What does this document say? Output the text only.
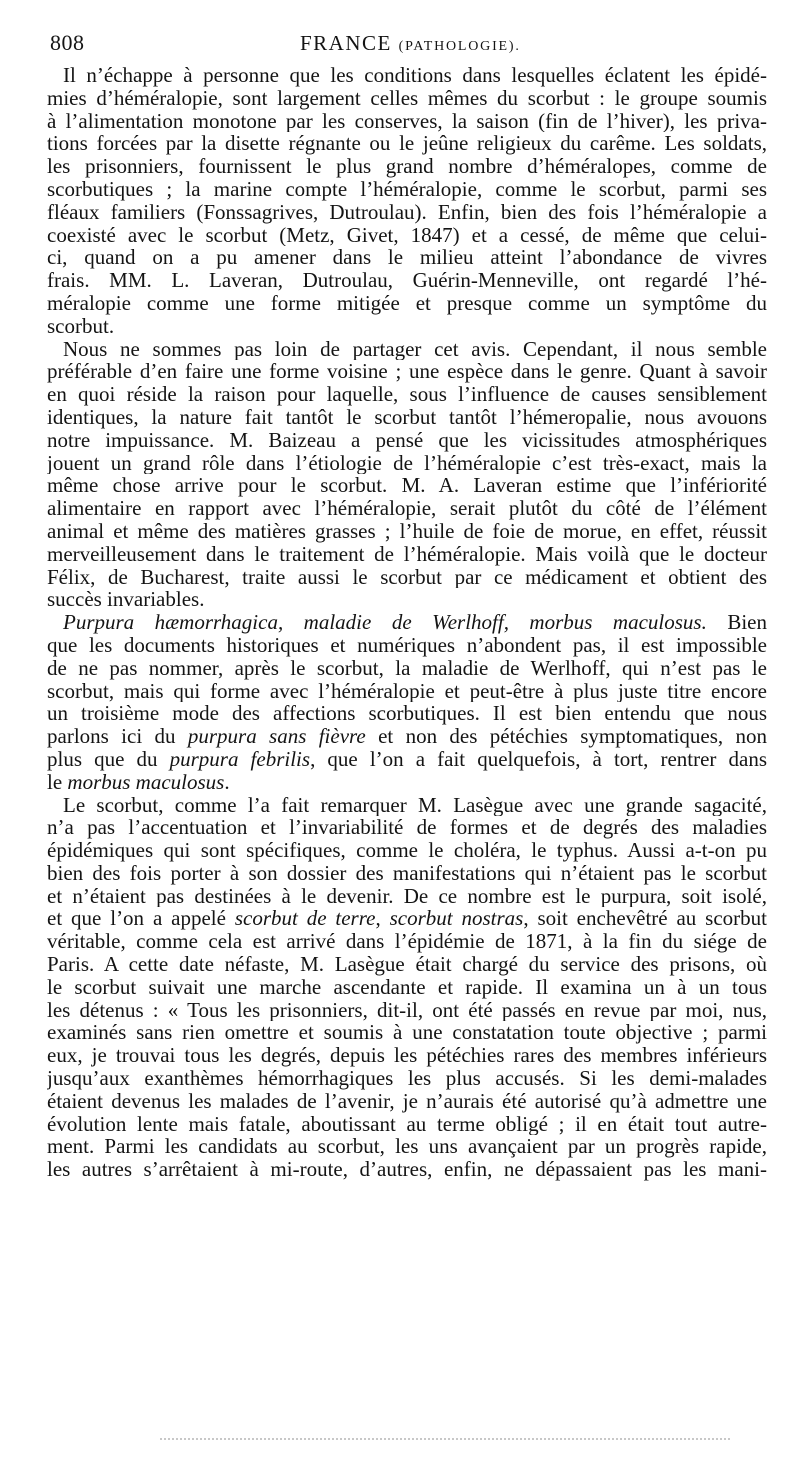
808	FRANCE (PATHOLOGIE).
Il n’échappe à personne que les conditions dans lesquelles éclatent les épidé-
mies d’héméralopie, sont largement celles mêmes du scorbut : le groupe soumis
à l’alimentation monotone par les conserves, la saison (fin de l’hiver), les priva-
tions forcées par la disette régnante ou le jeûne religieux du carême. Les soldats,
les prisonniers, fournissent le plus grand nombre d’héméralopes, comme de
scorbutiques ; la marine compte l’héméralopie, comme le scorbut, parmi ses
fléaux familiers (Fonssagrives, Dutroulau). Enfin, bien des fois l’héméralopie a
coexisté avec le scorbut (Metz, Givet, 1847) et a cessé, de même que celui-
ci, quand on a pu amener dans le milieu atteint l’abondance de vivres
frais. MM. L. Laveran, Dutroulau, Guérin-Menneville, ont regardé l’hé-
méralopie comme une forme mitigée et presque comme un symptôme du
scorbut.
Nous ne sommes pas loin de partager cet avis. Cependant, il nous semble
préférable d’en faire une forme voisine ; une espèce dans le genre. Quant à savoir
en quoi réside la raison pour laquelle, sous l’influence de causes sensiblement
identiques, la nature fait tantôt le scorbut tantôt l’hémeropalie, nous avouons
notre impuissance. M. Baizeau a pensé que les vicissitudes atmosphériques
jouent un grand rôle dans l’étiologie de l’héméralopie c’est très-exact, mais la
même chose arrive pour le scorbut. M. A. Laveran estime que l’infériorité
alimentaire en rapport avec l’héméralopie, serait plutôt du côté de l’élément
animal et même des matières grasses ; l’huile de foie de morue, en effet, réussit
merveilleusement dans le traitement de l’héméralopie. Mais voilà que le docteur
Félix, de Bucharest, traite aussi le scorbut par ce médicament et obtient des
succès invariables.
Purpura hæmorrhagica, maladie de Werlhoff, morbus maculosus. Bien
que les documents historiques et numériques n’abondent pas, il est impossible
de ne pas nommer, après le scorbut, la maladie de Werlhoff, qui n’est pas le
scorbut, mais qui forme avec l’héméralopie et peut-être à plus juste titre encore
un troisième mode des affections scorbutiques. Il est bien entendu que nous
parlons ici du purpura sans fièvre et non des pétéchies symptomatiques, non
plus que du purpura febrilis, que l’on a fait quelquefois, à tort, rentrer dans
le morbus maculosus.
Le scorbut, comme l’a fait remarquer M. Lasègue avec une grande sagacité,
n’a pas l’accentuation et l’invariabilité de formes et de degrés des maladies
épidémiques qui sont spécifiques, comme le choléra, le typhus. Aussi a-t-on pu
bien des fois porter à son dossier des manifestations qui n’étaient pas le scorbut
et n’étaient pas destinées à le devenir. De ce nombre est le purpura, soit isolé,
et que l’on a appelé scorbut de terre, scorbut nostras, soit enchevêtré au scorbut
véritable, comme cela est arrivé dans l’épidémie de 1871, à la fin du siége de
Paris. A cette date néfaste, M. Lasègue était chargé du service des prisons, où
le scorbut suivait une marche ascendante et rapide. Il examina un à un tous
les détenus : « Tous les prisonniers, dit-il, ont été passés en revue par moi, nus,
examinés sans rien omettre et soumis à une constatation toute objective ; parmi
eux, je trouvai tous les degrés, depuis les pétéchies rares des membres inférieurs
jusqu’aux exanthèmes hémorrhagiques les plus accusés. Si les demi-malades
étaient devenus les malades de l’avenir, je n’aurais été autorisé qu’à admettre une
évolution lente mais fatale, aboutissant au terme obligé ; il en était tout autre-
ment. Parmi les candidats au scorbut, les uns avançaient par un progrès rapide,
les autres s’arrêtaient à mi-route, d’autres, enfin, ne dépassaient pas les mani-
